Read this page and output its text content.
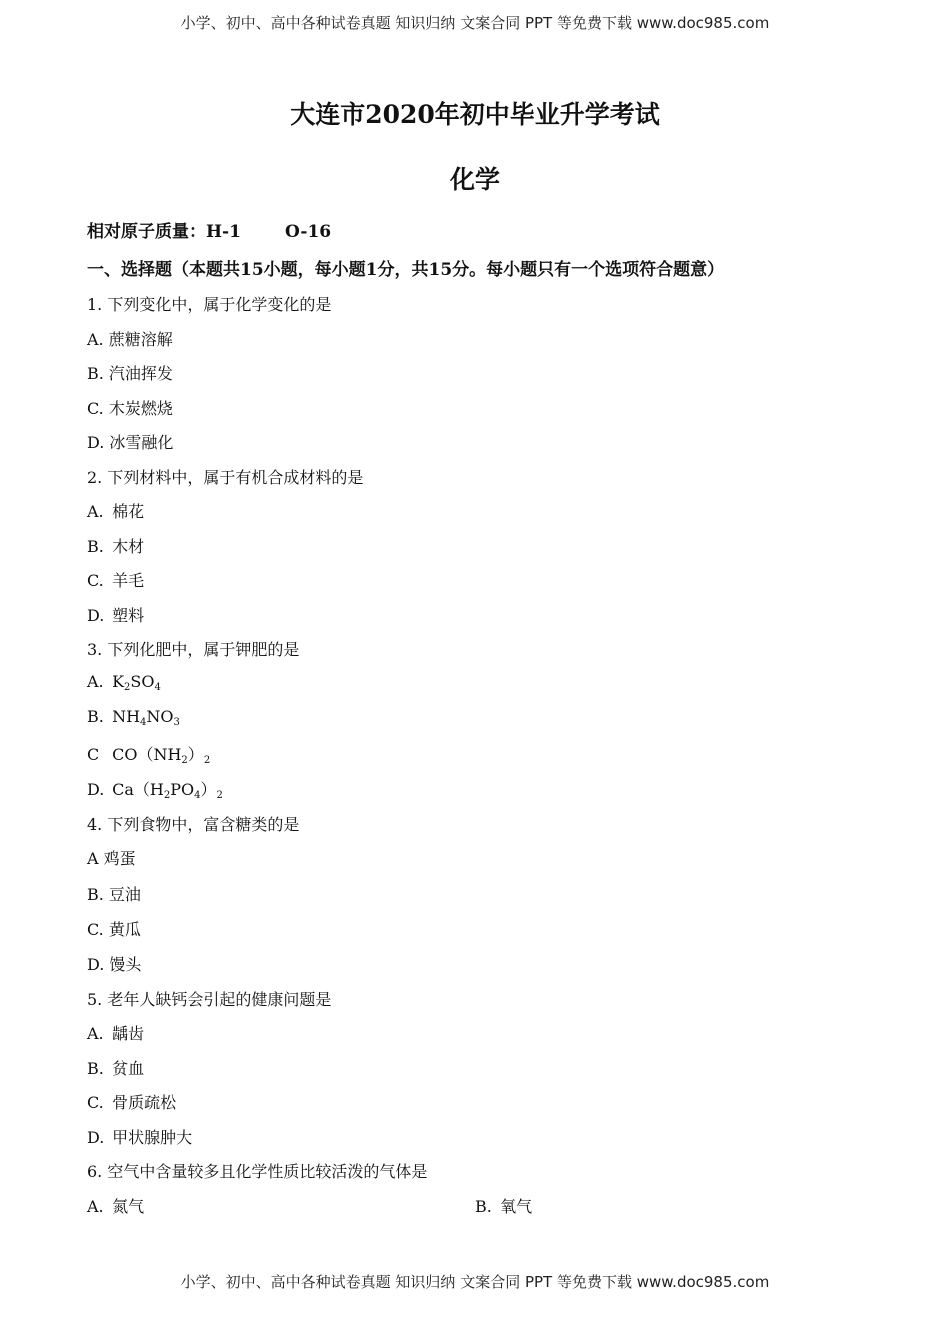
小学、初中、高中各种试卷真题 知识归纳 文案合同 PPT 等免费下载 www.doc985.com
大连市2020年初中毕业升学考试
化学
相对原子质量：H-1	O-16
一、选择题（本题共15小题，每小题1分，共15分。每小题只有一个选项符合题意）
1. 下列变化中，属于化学变化的是
A. 蔗糖溶解
B. 汽油挥发
C. 木炭燃烧
D. 冰雪融化
2. 下列材料中，属于有机合成材料的是
A. 棉花
B. 木材
C. 羊毛
D. 塑料
3. 下列化肥中，属于钾肥的是
A. $K_2SO_4$
B. $NH_4NO_3$
C $CO(NH_2)_2$
D. $Ca(H_2PO_4)_2$
4. 下列食物中，富含糖类的是
A 鸡蛋
B. 豆油
C. 黄瓜
D. 馒头
5. 老年人缺钙会引起的健康问题是
A. 龋齿
B. 贫血
C. 骨质疏松
D. 甲状腺肿大
6. 空气中含量较多且化学性质比较活泼的气体是
A. 氮气	B. 氧气
小学、初中、高中各种试卷真题 知识归纳 文案合同 PPT 等免费下载 www.doc985.com
